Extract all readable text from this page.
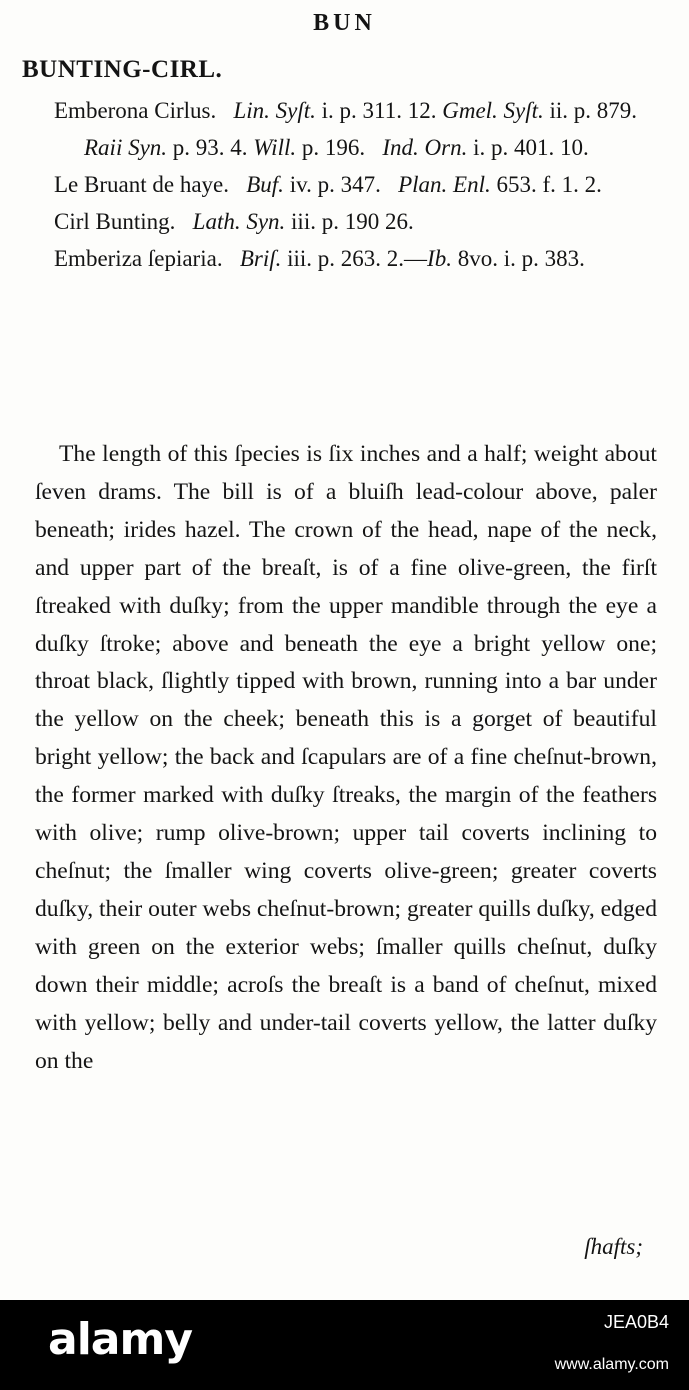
BUN
BUNTING-CIRL.

Emberona Cirlus. Lin. Syſt. i. p. 311. 12. Gmel. Syſt. ii. p. 879.   Raii Syn. p. 93. 4. Will. p. 196. Ind. Orn. i. p. 401. 10.

Le Bruant de haye. Buf. iv. p. 347. Plan. Enl. 653. f. 1. 2.

Cirl Bunting. Lath. Syn. iii. p. 190 26.

Emberiza ſepiaria. Briſ. iii. p. 263. 2.—Ib. 8vo. i. p. 383.

The length of this ſpecies is ſix inches and a half; weight about ſeven drams. The bill is of a bluiſh lead-colour above, paler beneath; irides hazel. The crown of the head, nape of the neck, and upper part of the breaſt, is of a fine olive-green, the firſt ſtreaked with duſky; from the upper mandible through the eye a duſky ſtroke; above and beneath the eye a bright yellow one; throat black, ſlightly tipped with brown, running into a bar under the yellow on the cheek; beneath this is a gorget of beautiful bright yellow; the back and ſcapulars are of a fine cheſnut-brown, the former marked with duſky ſtreaks, the margin of the feathers with olive; rump olive-brown; upper tail coverts inclining to cheſnut; the ſmaller wing coverts olive-green; greater coverts duſky, their outer webs cheſnut-brown; greater quills duſky, edged with green on the exterior webs; ſmaller quills cheſnut, duſky down their middle; acroſs the breaſt is a band of cheſnut, mixed with yellow; belly and under-tail coverts yellow, the latter duſky on the

ſhafts;
alamy	JEA0B4
www.alamy.com
